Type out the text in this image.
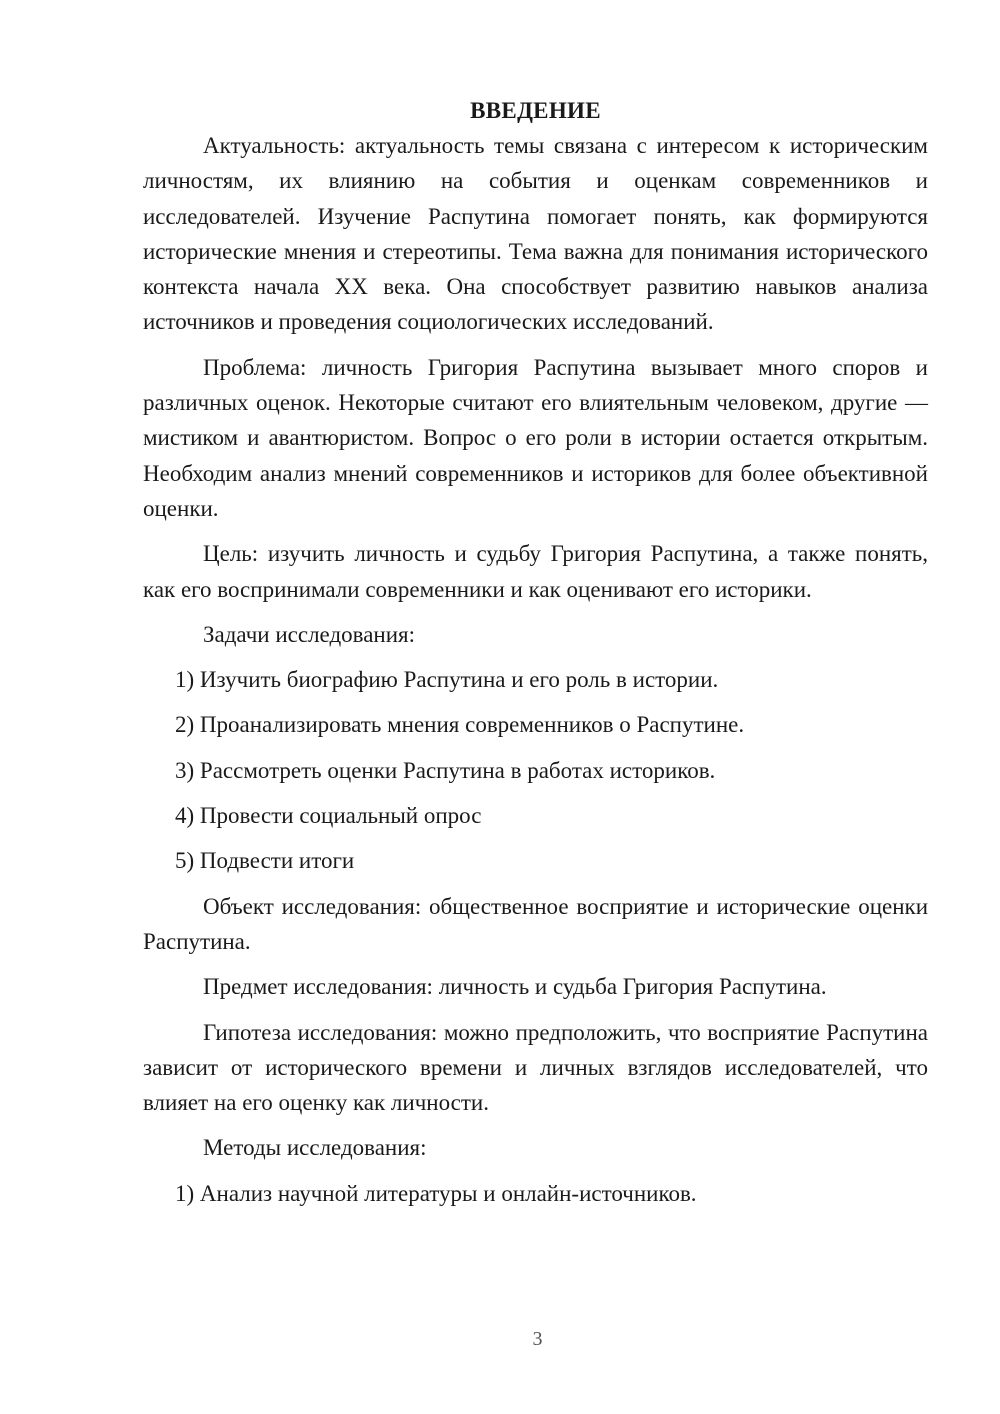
ВВЕДЕНИЕ

Актуальность: актуальность темы связана с интересом к историческим личностям, их влиянию на события и оценкам современников и исследователей. Изучение Распутина помогает понять, как формируются исторические мнения и стереотипы. Тема важна для понимания исторического контекста начала XX века. Она способствует развитию навыков анализа источников и проведения социологических исследований.

Проблема: личность Григория Распутина вызывает много споров и различных оценок. Некоторые считают его влиятельным человеком, другие — мистиком и авантюристом. Вопрос о его роли в истории остается открытым. Необходим анализ мнений современников и историков для более объективной оценки.

Цель: изучить личность и судьбу Григория Распутина, а также понять, как его воспринимали современники и как оценивают его историки.

Задачи исследования:

1) Изучить биографию Распутина и его роль в истории.

2) Проанализировать мнения современников о Распутине.

3) Рассмотреть оценки Распутина в работах историков.

4) Провести социальный опрос

5) Подвести итоги

Объект исследования: общественное восприятие и исторические оценки Распутина.

Предмет исследования: личность и судьба Григория Распутина.

Гипотеза исследования: можно предположить, что восприятие Распутина зависит от исторического времени и личных взглядов исследователей, что влияет на его оценку как личности.

Методы исследования:

1) Анализ научной литературы и онлайн-источников.

3
